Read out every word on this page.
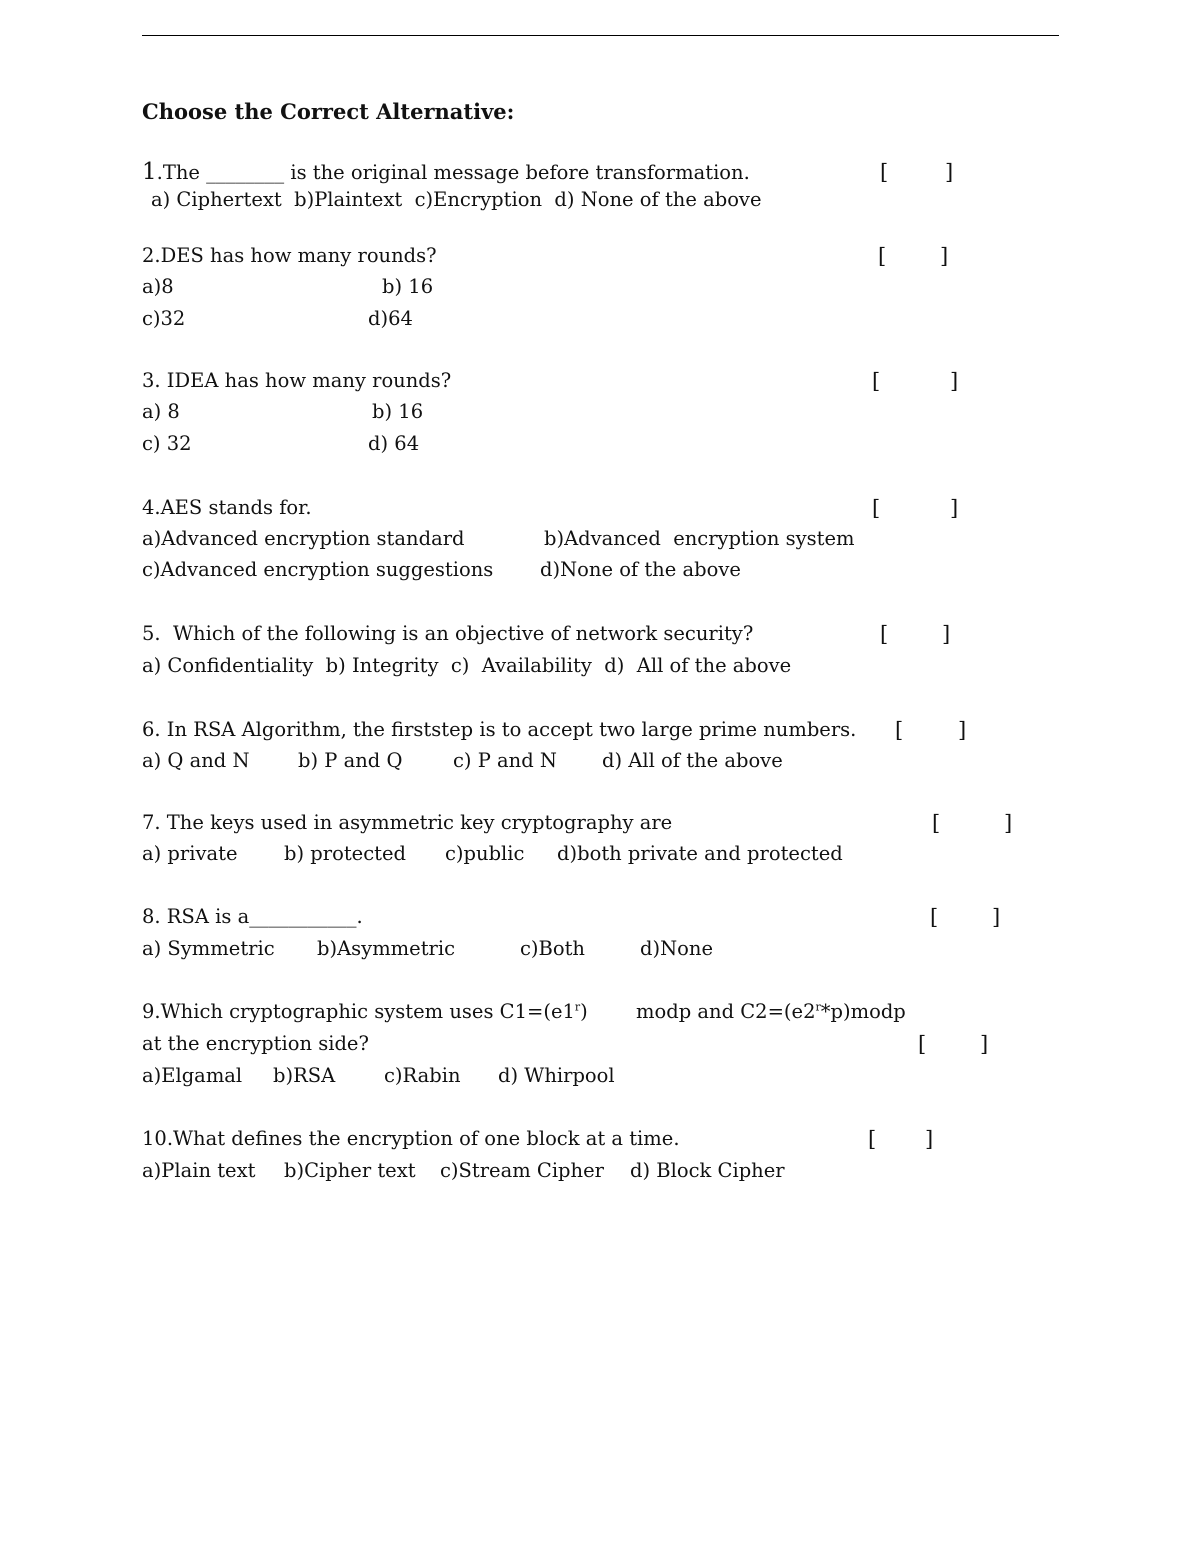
Choose the Correct Alternative:
1.The ________ is the original message before transformation.	[	]
a) Ciphertext  b)Plaintext  c)Encryption  d) None of the above
2.DES has how many rounds?	[	]
a)8	b) 16
c)32	d)64
3. IDEA has how many rounds?	[	]
a) 8	b) 16
c) 32	d) 64
4.AES stands for.	[	]
a)Advanced encryption standard	b)Advanced  encryption system
c)Advanced encryption suggestions d)None of the above
5.  Which of the following is an objective of network security?	[	]
a) Confidentiality  b) Integrity  c)  Availability  d)  All of the above
6. In RSA Algorithm, the firststep is to accept two large prime numbers. [	]
a) Q and N b) P and Q	c) P and N d) All of the above
7. The keys used in asymmetric key cryptography are	[	]
a) private b) protected c)public d)both private and protected
8. RSA is a___________.	[	]
a) Symmetric b)Asymmetric	c)Both	d)None
9.Which cryptographic system uses $C1=(e1^r)$ modp and $C2=(e2^r*p)modp$
at the encryption side?	[	]
a)Elgamal b)RSA	c)Rabin d) Whirpool
10.What defines the encryption of one block at a time.	[ ]
a)Plain text b)Cipher text c)Stream Cipher d) Block Cipher
